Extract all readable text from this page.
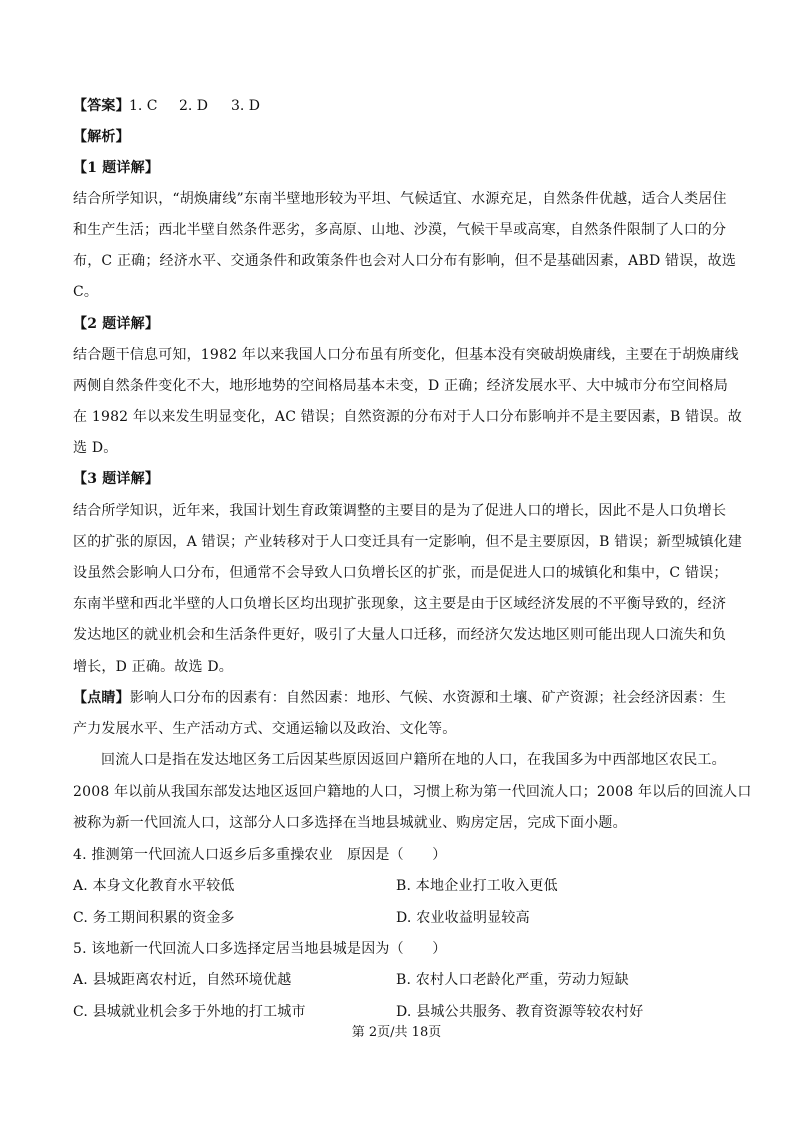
【答案】 1. C 2. D 3. D
【解析】
【1 题详解】
结合所学知识，“胡焕庸线”东南半壁地形较为平坦、气候适宜、水源充足，自然条件优越，适合人类居住
和生产生活；西北半壁自然条件恶劣，多高原、山地、沙漠，气候干旱或高寒，自然条件限制了人口的分
布，C 正确；经济水平、交通条件和政策条件也会对人口分布有影响，但不是基础因素，ABD 错误，故选
C。
【2 题详解】
结合题干信息可知，1982 年以来我国人口分布虽有所变化，但基本没有突破胡焕庸线，主要在于胡焕庸线
两侧自然条件变化不大，地形地势的空间格局基本未变，D 正确；经济发展水平、大中城市分布空间格局
在 1982 年以来发生明显变化，AC 错误；自然资源的分布对于人口分布影响并不是主要因素，B 错误。故
选 D。
【3 题详解】
结合所学知识，近年来，我国计划生育政策调整的主要目的是为了促进人口的增长，因此不是人口负增长
区的扩张的原因，A 错误；产业转移对于人口变迁具有一定影响，但不是主要原因，B 错误；新型城镇化建
设虽然会影响人口分布，但通常不会导致人口负增长区的扩张，而是促进人口的城镇化和集中，C 错误；
东南半壁和西北半壁的人口负增长区均出现扩张现象，这主要是由于区域经济发展的不平衡导致的，经济
发达地区的就业机会和生活条件更好，吸引了大量人口迁移，而经济欠发达地区则可能出现人口流失和负
增长，D 正确。故选 D。
【点睛】影响人口分布的因素有：自然因素：地形、气候、水资源和土壤、矿产资源；社会经济因素：生
产力发展水平、生产活动方式、交通运输以及政治、文化等。
回流人口是指在发达地区务工后因某些原因返回户籍所在地的人口，在我国多为中西部地区农民工。
2008 年以前从我国东部发达地区返回户籍地的人口，习惯上称为第一代回流人口；2008 年以后的回流人口
被称为新一代回流人口，这部分人口多选择在当地县城就业、购房定居，完成下面小题。
4. 推测第一代回流人口返乡后多重操农业　原因是（　　）
A. 本身文化教育水平较低	B. 本地企业打工收入更低
C. 务工期间积累的资金多	D. 农业收益明显较高
5. 该地新一代回流人口多选择定居当地县城是因为（　　）
A. 县城距离农村近，自然环境优越	B. 农村人口老龄化严重，劳动力短缺
C. 县城就业机会多于外地的打工城市	D. 县城公共服务、教育资源等较农村好
第 2页/共 18页
